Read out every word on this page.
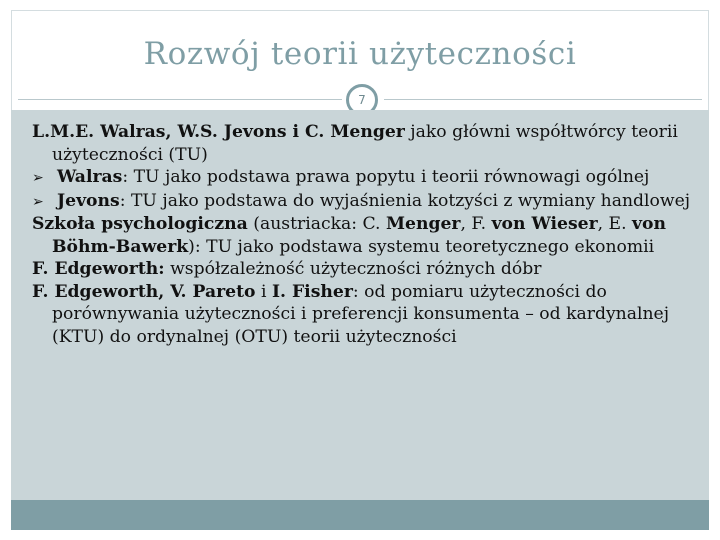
Rozwój teorii użyteczności
7

L.M.E. Walras, W.S. Jevons i C. Menger jako główni współtwórcy teorii użyteczności (TU)

➢ Walras: TU jako podstawa prawa popytu i teorii równowagi ogólnej

➢ Jevons: TU jako podstawa do wyjaśnienia kotzyści z wymiany handlowej

Szkoła psychologiczna (austriacka: C. Menger, F. von Wieser, E. von Böhm-Bawerk): TU jako podstawa systemu teoretycznego ekonomii

F. Edgeworth: współzależność użyteczności różnych dóbr

F. Edgeworth, V. Pareto i I. Fisher: od pomiaru użyteczności do porównywania użyteczności i preferencji konsumenta – od kardynalnej (KTU) do ordynalnej (OTU) teorii użyteczności
